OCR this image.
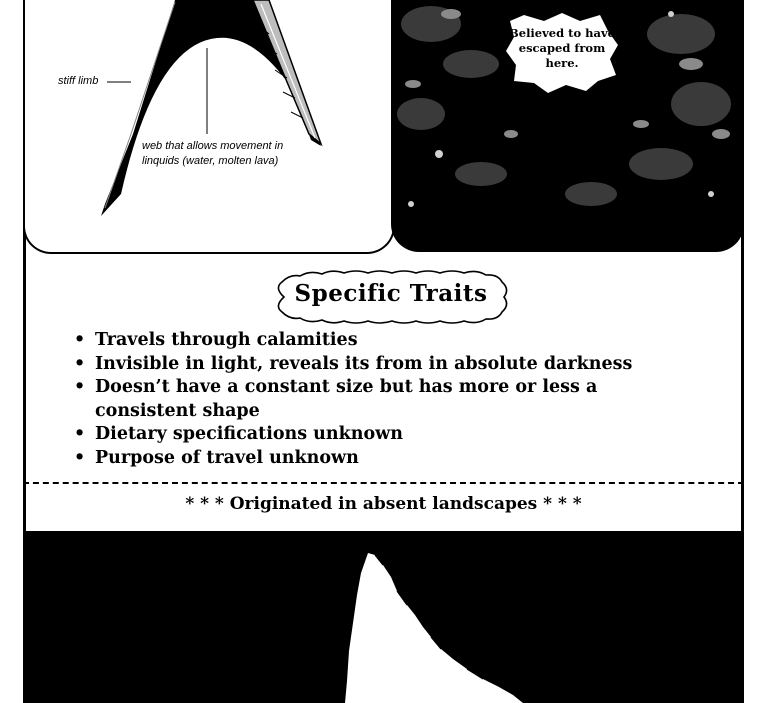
stiff limb
web that allows movement in linquids (water, molten lava)
Believed to have escaped from here.
Specific Traits
• Travels through calamities
• Invisible in light, reveals its from in absolute darkness
• Doesn’t have a constant size but has more or less a consistent shape
• Dietary specifications unknown
• Purpose of travel unknown
* * * Originated in absent landscapes * * *
